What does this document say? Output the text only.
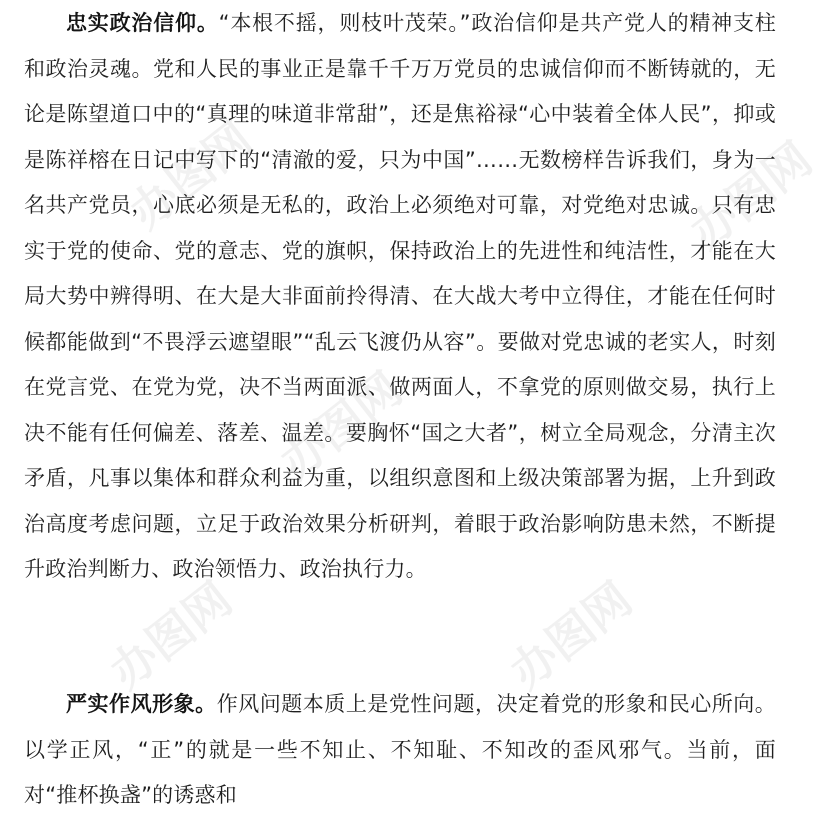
办图网	办图网
办图网
办图网	办图网

忠实政治信仰。“本根不摇，则枝叶茂荣。”政治信仰是共产党人的精神支柱和政治灵魂。党和人民的事业正是靠千千万万党员的忠诚信仰而不断铸就的，无论是陈望道口中的“真理的味道非常甜”，还是焦裕禄“心中装着全体人民”，抑或是陈祥榕在日记中写下的“清澈的爱，只为中国”……无数榜样告诉我们，身为一名共产党员，心底必须是无私的，政治上必须绝对可靠，对党绝对忠诚。只有忠实于党的使命、党的意志、党的旗帜，保持政治上的先进性和纯洁性，才能在大局大势中辨得明、在大是大非面前拎得清、在大战大考中立得住，才能在任何时候都能做到“不畏浮云遮望眼”“乱云飞渡仍从容”。要做对党忠诚的老实人，时刻在党言党、在党为党，决不当两面派、做两面人，不拿党的原则做交易，执行上决不能有任何偏差、落差、温差。要胸怀“国之大者”，树立全局观念，分清主次矛盾，凡事以集体和群众利益为重，以组织意图和上级决策部署为据，上升到政治高度考虑问题，立足于政治效果分析研判，着眼于政治影响防患未然，不断提升政治判断力、政治领悟力、政治执行力。

严实作风形象。作风问题本质上是党性问题，决定着党的形象和民心所向。以学正风，“正”的就是一些不知止、不知耻、不知改的歪风邪气。当前，面对“推杯换盏”的诱惑和
